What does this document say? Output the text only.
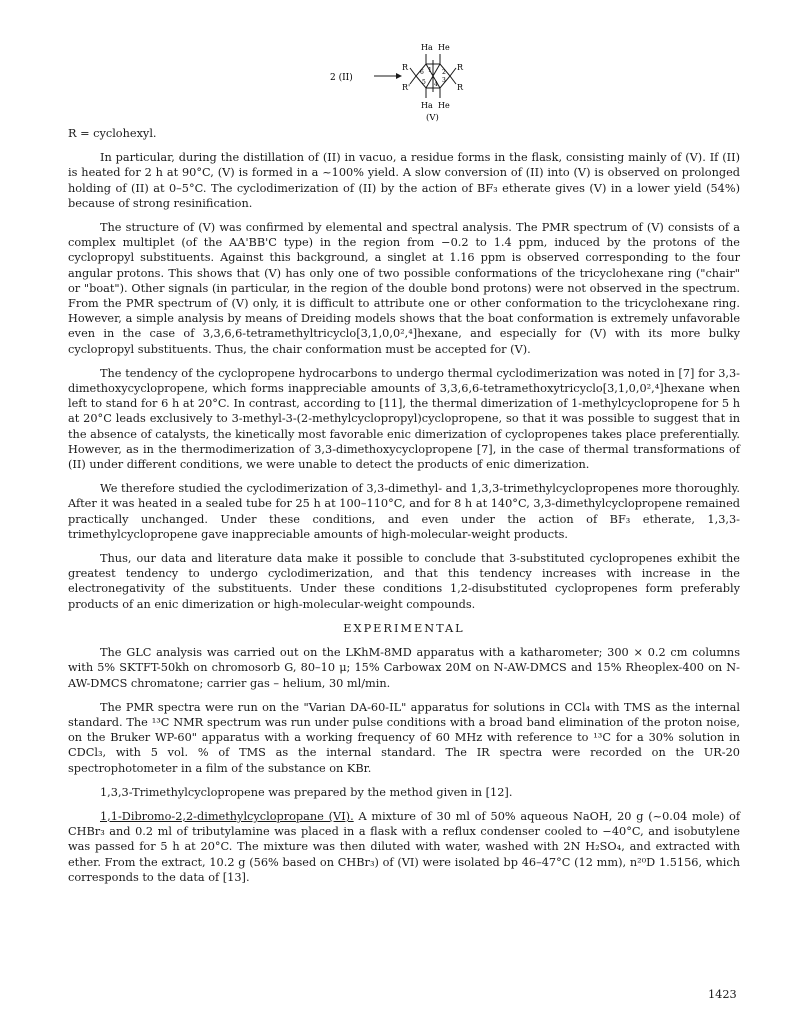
2 (II)
Ha He
Ha He
R
R'
R
R
1 2
3
4
5
6
(V)

R = cyclohexyl.

In particular, during the distillation of (II) in vacuo, a residue forms in the flask, consisting mainly of (V). If (II) is heated for 2 h at 90°C, (V) is formed in a ~100% yield. A slow conversion of (II) into (V) is observed on prolonged holding of (II) at 0–5°C. The cyclodimerization of (II) by the action of BF₃ etherate gives (V) in a lower yield (54%) because of strong resinification.

The structure of (V) was confirmed by elemental and spectral analysis. The PMR spectrum of (V) consists of a complex multiplet (of the AA'BB'C type) in the region from −0.2 to 1.4 ppm, induced by the protons of the cyclopropyl substituents. Against this background, a singlet at 1.16 ppm is observed corresponding to the four angular protons. This shows that (V) has only one of two possible conformations of the tricyclohexane ring ("chair" or "boat"). Other signals (in particular, in the region of the double bond protons) were not observed in the spectrum. From the PMR spectrum of (V) only, it is difficult to attribute one or other conformation to the tricyclohexane ring. However, a simple analysis by means of Dreiding models shows that the boat conformation is extremely unfavorable even in the case of 3,3,6,6-tetramethyltricyclo[3,1,0,0²,⁴]hexane, and especially for (V) with its more bulky cyclopropyl substituents. Thus, the chair conformation must be accepted for (V).

The tendency of the cyclopropene hydrocarbons to undergo thermal cyclodimerization was noted in [7] for 3,3-dimethoxycyclopropene, which forms inappreciable amounts of 3,3,6,6-tetramethoxytricyclo[3,1,0,0²,⁴]hexane when left to stand for 6 h at 20°C. In contrast, according to [11], the thermal dimerization of 1-methylcyclopropene for 5 h at 20°C leads exclusively to 3-methyl-3-(2-methylcyclopropyl)cyclopropene, so that it was possible to suggest that in the absence of catalysts, the kinetically most favorable enic dimerization of cyclopropenes takes place preferentially. However, as in the thermodimerization of 3,3-dimethoxycyclopropene [7], in the case of thermal transformations of (II) under different conditions, we were unable to detect the products of enic dimerization.

We therefore studied the cyclodimerization of 3,3-dimethyl- and 1,3,3-trimethylcyclopropenes more thoroughly. After it was heated in a sealed tube for 25 h at 100–110°C, and for 8 h at 140°C, 3,3-dimethylcyclopropene remained practically unchanged. Under these conditions, and even under the action of BF₃ etherate, 1,3,3-trimethylcyclopropene gave inappreciable amounts of high-molecular-weight products.

Thus, our data and literature data make it possible to conclude that 3-substituted cyclopropenes exhibit the greatest tendency to undergo cyclodimerization, and that this tendency increases with increase in the electronegativity of the substituents. Under these conditions 1,2-disubstituted cyclopropenes form preferably products of an enic dimerization or high-molecular-weight compounds.

EXPERIMENTAL

The GLC analysis was carried out on the LKhM-8MD apparatus with a katharometer; 300 × 0.2 cm columns with 5% SKTFT-50kh on chromosorb G, 80–10 μ; 15% Carbowax 20M on N-AW-DMCS and 15% Rheoplex-400 on N-AW-DMCS chromatone; carrier gas – helium, 30 ml/min.

The PMR spectra were run on the "Varian DA-60-IL" apparatus for solutions in CCl₄ with TMS as the internal standard. The ¹³C NMR spectrum was run under pulse conditions with a broad band elimination of the proton noise, on the Bruker WP-60" apparatus with a working frequency of 60 MHz with reference to ¹³C for a 30% solution in CDCl₃, with 5 vol. % of TMS as the internal standard. The IR spectra were recorded on the UR-20 spectrophotometer in a film of the substance on KBr.

1,3,3-Trimethylcyclopropene was prepared by the method given in [12].

1,1-Dibromo-2,2-dimethylcyclopropane (VI). A mixture of 30 ml of 50% aqueous NaOH, 20 g (~0.04 mole) of CHBr₃ and 0.2 ml of tributylamine was placed in a flask with a reflux condenser cooled to −40°C, and isobutylene was passed for 5 h at 20°C. The mixture was then diluted with water, washed with 2N H₂SO₄, and extracted with ether. From the extract, 10.2 g (56% based on CHBr₃) of (VI) were isolated bp 46–47°C (12 mm), n²⁰D 1.5156, which corresponds to the data of [13].

1423
